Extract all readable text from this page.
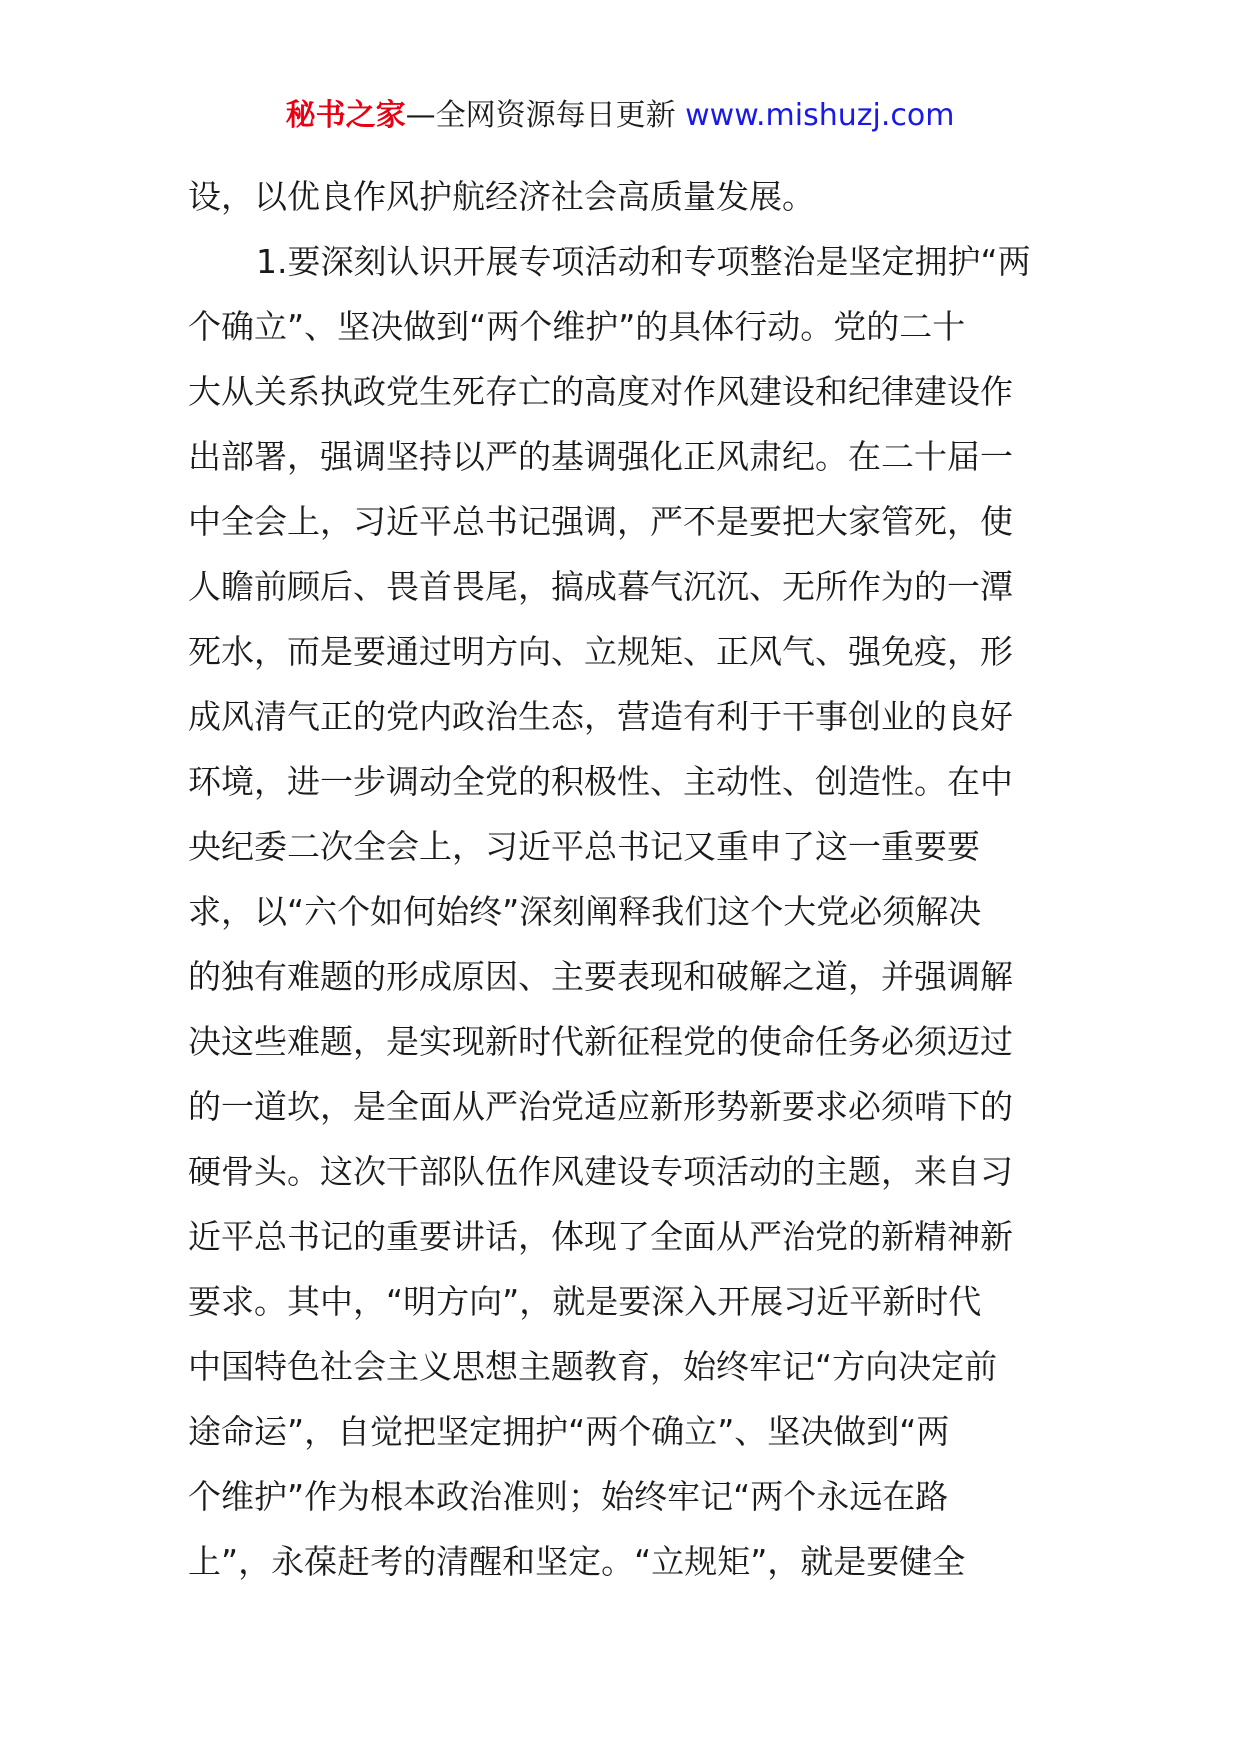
秘书之家—全网资源每日更新 www.mishuzj.com
设，以优良作风护航经济社会高质量发展。
1.要深刻认识开展专项活动和专项整治是坚定拥护“两
个确立”、坚决做到“两个维护”的具体行动。党的二十
大从关系执政党生死存亡的高度对作风建设和纪律建设作
出部署，强调坚持以严的基调强化正风肃纪。在二十届一
中全会上，习近平总书记强调，严不是要把大家管死，使
人瞻前顾后、畏首畏尾，搞成暮气沉沉、无所作为的一潭
死水，而是要通过明方向、立规矩、正风气、强免疫，形
成风清气正的党内政治生态，营造有利于干事创业的良好
环境，进一步调动全党的积极性、主动性、创造性。在中
央纪委二次全会上，习近平总书记又重申了这一重要要
求，以“六个如何始终”深刻阐释我们这个大党必须解决
的独有难题的形成原因、主要表现和破解之道，并强调解
决这些难题，是实现新时代新征程党的使命任务必须迈过
的一道坎，是全面从严治党适应新形势新要求必须啃下的
硬骨头。这次干部队伍作风建设专项活动的主题，来自习
近平总书记的重要讲话，体现了全面从严治党的新精神新
要求。其中，“明方向”，就是要深入开展习近平新时代
中国特色社会主义思想主题教育，始终牢记“方向决定前
途命运”，自觉把坚定拥护“两个确立”、坚决做到“两
个维护”作为根本政治准则；始终牢记“两个永远在路
上”，永葆赶考的清醒和坚定。“立规矩”，就是要健全
